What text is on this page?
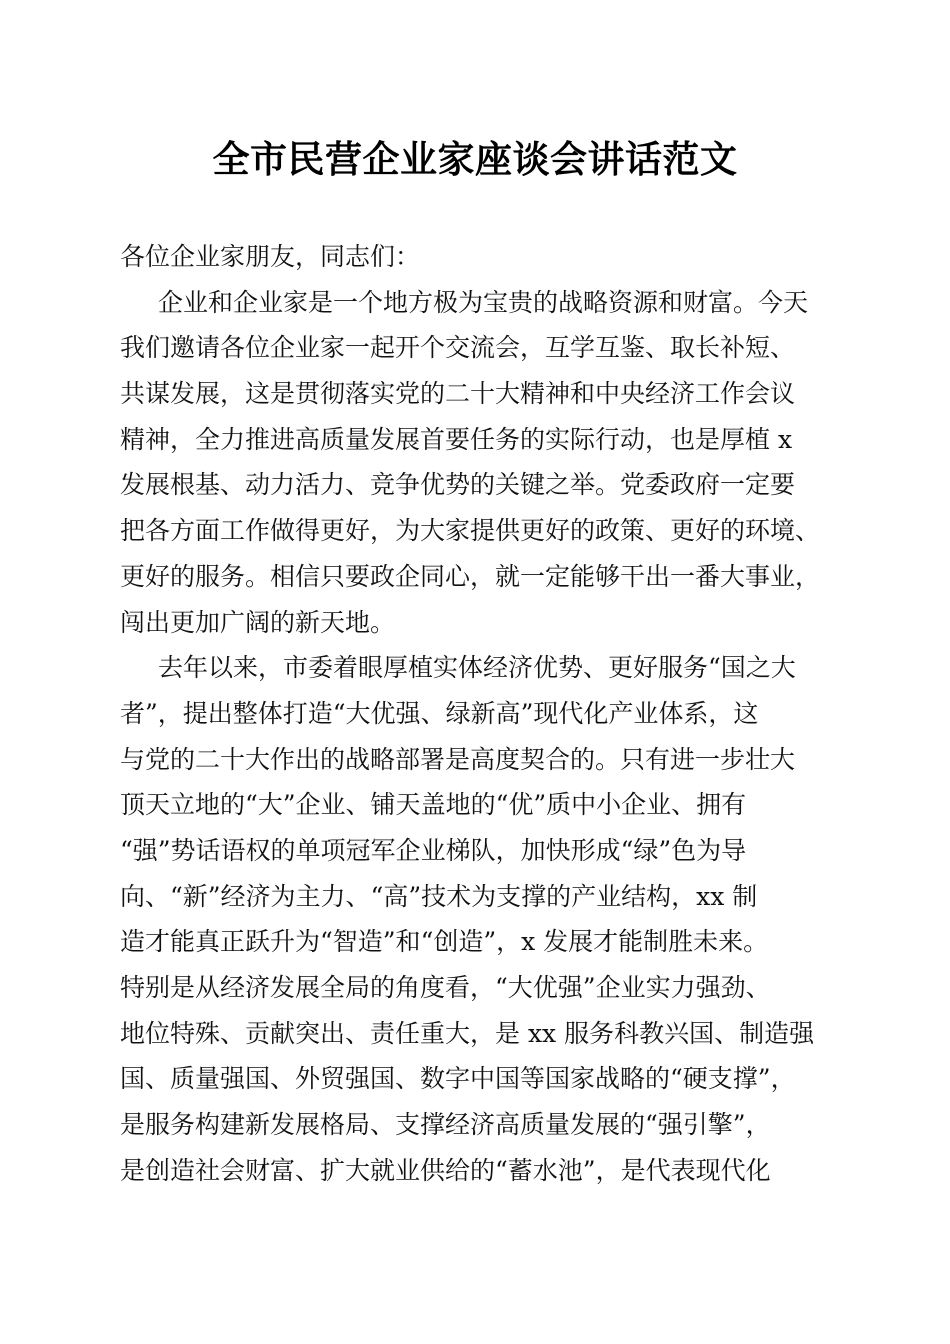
全市民营企业家座谈会讲话范文
各位企业家朋友，同志们：
企业和企业家是一个地方极为宝贵的战略资源和财富。今天
我们邀请各位企业家一起开个交流会，互学互鉴、取长补短、
共谋发展，这是贯彻落实党的二十大精神和中央经济工作会议
精神，全力推进高质量发展首要任务的实际行动，也是厚植 x
发展根基、动力活力、竞争优势的关键之举。党委政府一定要
把各方面工作做得更好，为大家提供更好的政策、更好的环境、
更好的服务。相信只要政企同心，就一定能够干出一番大事业，
闯出更加广阔的新天地。
去年以来，市委着眼厚植实体经济优势、更好服务“国之大
者”，提出整体打造“大优强、绿新高”现代化产业体系，这
与党的二十大作出的战略部署是高度契合的。只有进一步壮大
顶天立地的“大”企业、铺天盖地的“优”质中小企业、拥有
“强”势话语权的单项冠军企业梯队，加快形成“绿”色为导
向、“新”经济为主力、“高”技术为支撑的产业结构，xx 制
造才能真正跃升为“智造”和“创造”，x 发展才能制胜未来。
特别是从经济发展全局的角度看，“大优强”企业实力强劲、
地位特殊、贡献突出、责任重大，是 xx 服务科教兴国、制造强
国、质量强国、外贸强国、数字中国等国家战略的“硬支撑”，
是服务构建新发展格局、支撑经济高质量发展的“强引擎”，
是创造社会财富、扩大就业供给的“蓄水池”，是代表现代化
